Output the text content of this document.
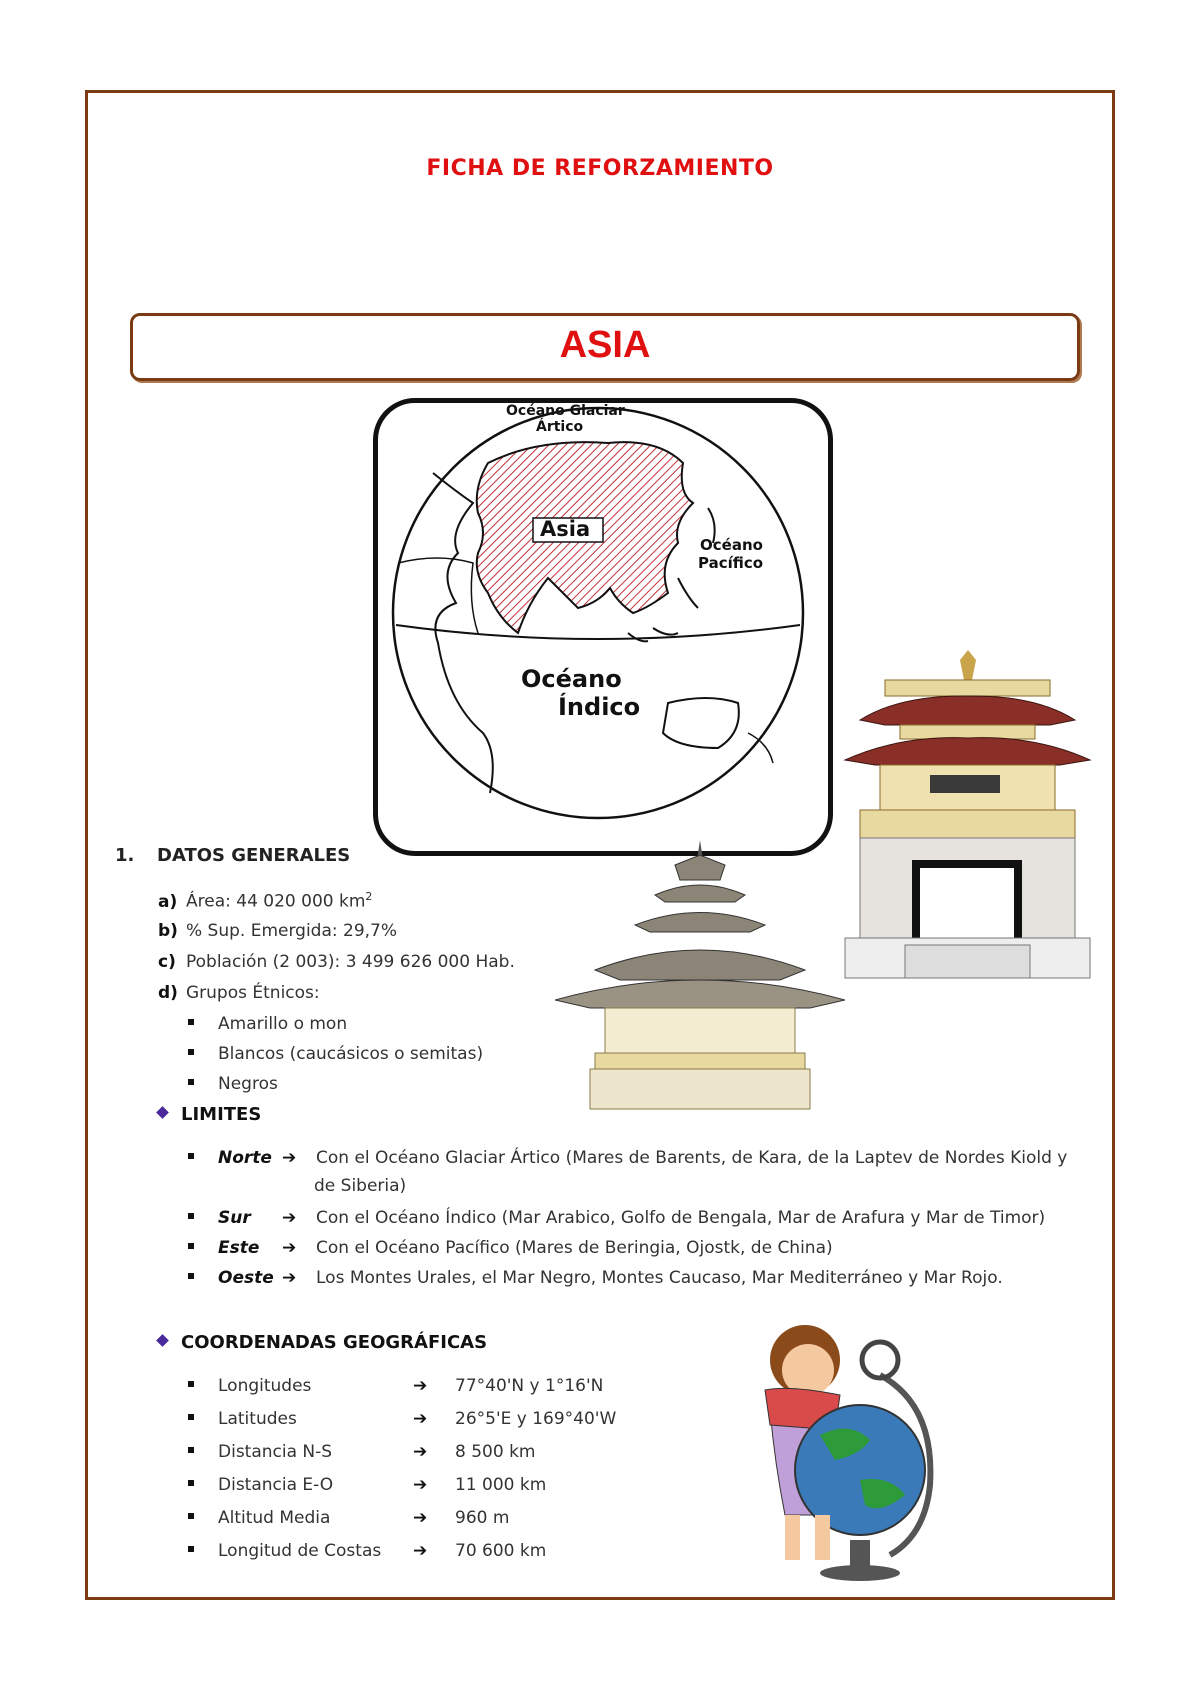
FICHA DE REFORZAMIENTO
ASIA
Océano Glaciar
Ártico
Asia
Océano
Pacífico
Océano
Índico
1. DATOS GENERALES
a) Área: 44 020 000 $km^2$
b) % Sup. Emergida: 29,7%
c) Población (2 003): 3 499 626 000 Hab.
d) Grupos Étnicos:
Amarillo o mon
Blancos (caucásicos o semitas)
Negros
LIMITES
Norte ➔ Con el Océano Glaciar Ártico (Mares de Barents, de Kara, de la Laptev de Nordes Kiold y
de Siberia)
Sur ➔ Con el Océano Índico (Mar Arabico, Golfo de Bengala, Mar de Arafura y Mar de Timor)
Este ➔ Con el Océano Pacífico (Mares de Beringia, Ojostk, de China)
Oeste ➔ Los Montes Urales, el Mar Negro, Montes Caucaso, Mar Mediterráneo y Mar Rojo.
COORDENADAS GEOGRÁFICAS
Longitudes	➔ 77°40'N y 1°16'N
Latitudes	➔ 26°5'E y 169°40'W
Distancia N-S	➔ 8 500 km
Distancia E-O	➔ 11 000 km
Altitud Media	➔ 960 m
Longitud de Costas ➔ 70 600 km
